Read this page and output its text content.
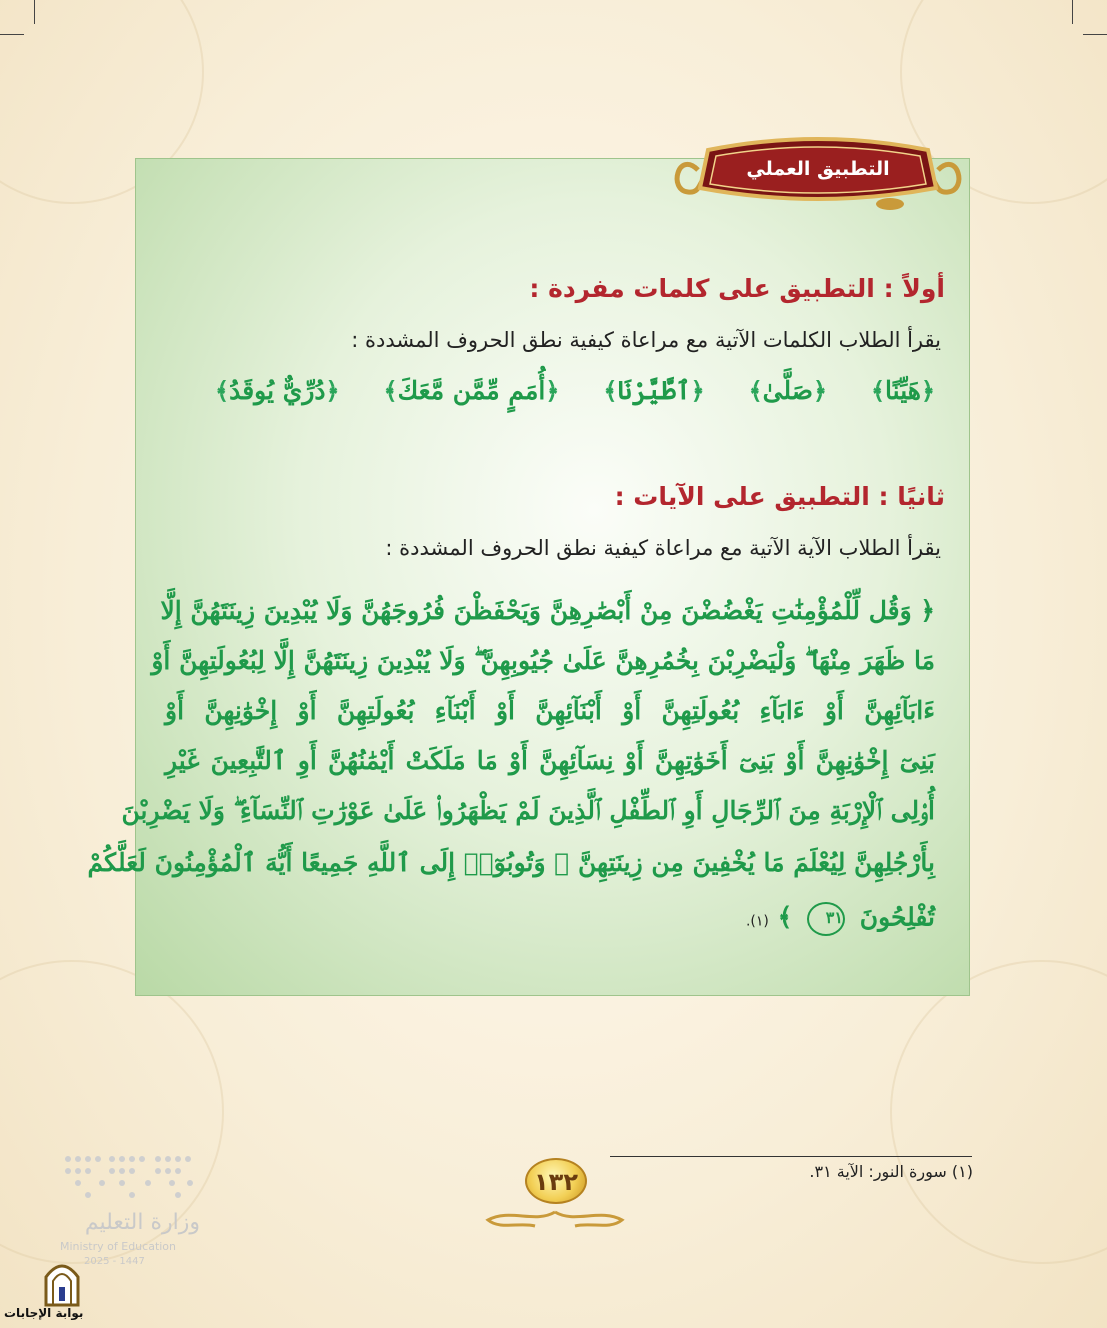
التطبيق العملي
أولاً : التطبيق على كلمات مفردة :
يقرأ الطلاب الكلمات الآتية مع مراعاة كيفية نطق الحروف المشددة :
﴿هَيِّنًا﴾
﴿صَلَّىٰ﴾
﴿ٱطَّيَّرْنَا﴾
﴿أُمَمٍ مِّمَّن مَّعَكَ﴾
﴿دُرِّيٌّ يُوقَدُ﴾
ثانيًا : التطبيق على الآيات :
يقرأ الطلاب الآية الآتية مع مراعاة كيفية نطق الحروف المشددة :
﴿ وَقُل لِّلْمُؤْمِنَٰتِ يَغْضُضْنَ مِنْ أَبْصَٰرِهِنَّ وَيَحْفَظْنَ فُرُوجَهُنَّ وَلَا يُبْدِينَ زِينَتَهُنَّ إِلَّا
مَا ظَهَرَ مِنْهَا ۖ وَلْيَضْرِبْنَ بِخُمُرِهِنَّ عَلَىٰ جُيُوبِهِنَّ ۖ وَلَا يُبْدِينَ زِينَتَهُنَّ إِلَّا لِبُعُولَتِهِنَّ أَوْ
ءَابَآئِهِنَّ أَوْ ءَابَآءِ بُعُولَتِهِنَّ أَوْ أَبْنَآئِهِنَّ أَوْ أَبْنَآءِ بُعُولَتِهِنَّ أَوْ إِخْوَٰنِهِنَّ أَوْ
بَنِىٓ إِخْوَٰنِهِنَّ أَوْ بَنِىٓ أَخَوَٰتِهِنَّ أَوْ نِسَآئِهِنَّ أَوْ مَا مَلَكَتْ أَيْمَٰنُهُنَّ أَوِ ٱلتَّٰبِعِينَ غَيْرِ
أُو۟لِى ٱلْإِرْبَةِ مِنَ ٱلرِّجَالِ أَوِ ٱلطِّفْلِ ٱلَّذِينَ لَمْ يَظْهَرُوا۟ عَلَىٰ عَوْرَٰتِ ٱلنِّسَآءِ ۖ وَلَا يَضْرِبْنَ
بِأَرْجُلِهِنَّ لِيُعْلَمَ مَا يُخْفِينَ مِن زِينَتِهِنَّ ۚ وَتُوبُوٓا۟ إِلَى ٱللَّهِ جَمِيعًا أَيُّهَ ٱلْمُؤْمِنُونَ لَعَلَّكُمْ
تُفْلِحُونَ ٣١ ﴾ (١).
(١) سورة النور: الآية ٣١.
١٣٢
وزارة التعليم
Ministry of Education
2025 - 1447
بوابة الإجابات
